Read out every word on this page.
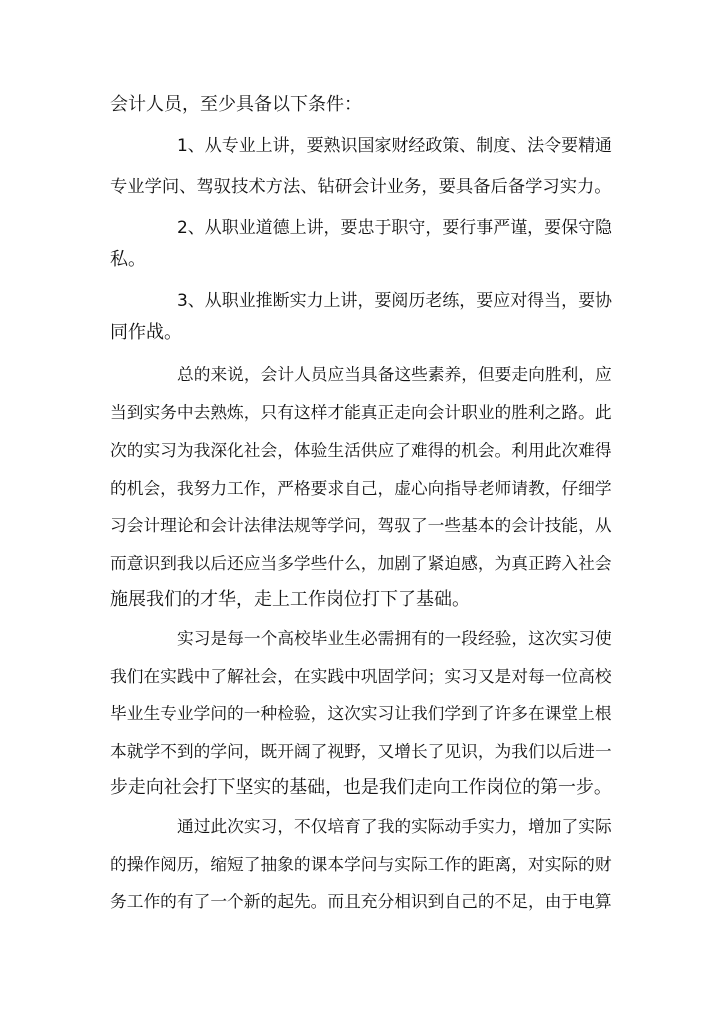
会计人员，至少具备以下条件：
1、从专业上讲，要熟识国家财经政策、制度、法令要精通
专业学问、驾驭技术方法、钻研会计业务，要具备后备学习实力。
2、从职业道德上讲，要忠于职守，要行事严谨，要保守隐
私。
3、从职业推断实力上讲，要阅历老练，要应对得当，要协
同作战。
总的来说，会计人员应当具备这些素养，但要走向胜利，应
当到实务中去熟炼，只有这样才能真正走向会计职业的胜利之路。此
次的实习为我深化社会，体验生活供应了难得的机会。利用此次难得
的机会，我努力工作，严格要求自己，虚心向指导老师请教，仔细学
习会计理论和会计法律法规等学问，驾驭了一些基本的会计技能，从
而意识到我以后还应当多学些什么，加剧了紧迫感，为真正跨入社会
施展我们的才华，走上工作岗位打下了基础。
实习是每一个高校毕业生必需拥有的一段经验，这次实习使
我们在实践中了解社会，在实践中巩固学问；实习又是对每一位高校
毕业生专业学问的一种检验，这次实习让我们学到了许多在课堂上根
本就学不到的学问，既开阔了视野，又增长了见识，为我们以后进一
步走向社会打下坚实的基础，也是我们走向工作岗位的第一步。
通过此次实习，不仅培育了我的实际动手实力，增加了实际
的操作阅历，缩短了抽象的课本学问与实际工作的距离，对实际的财
务工作的有了一个新的起先。而且充分相识到自己的不足，由于电算
